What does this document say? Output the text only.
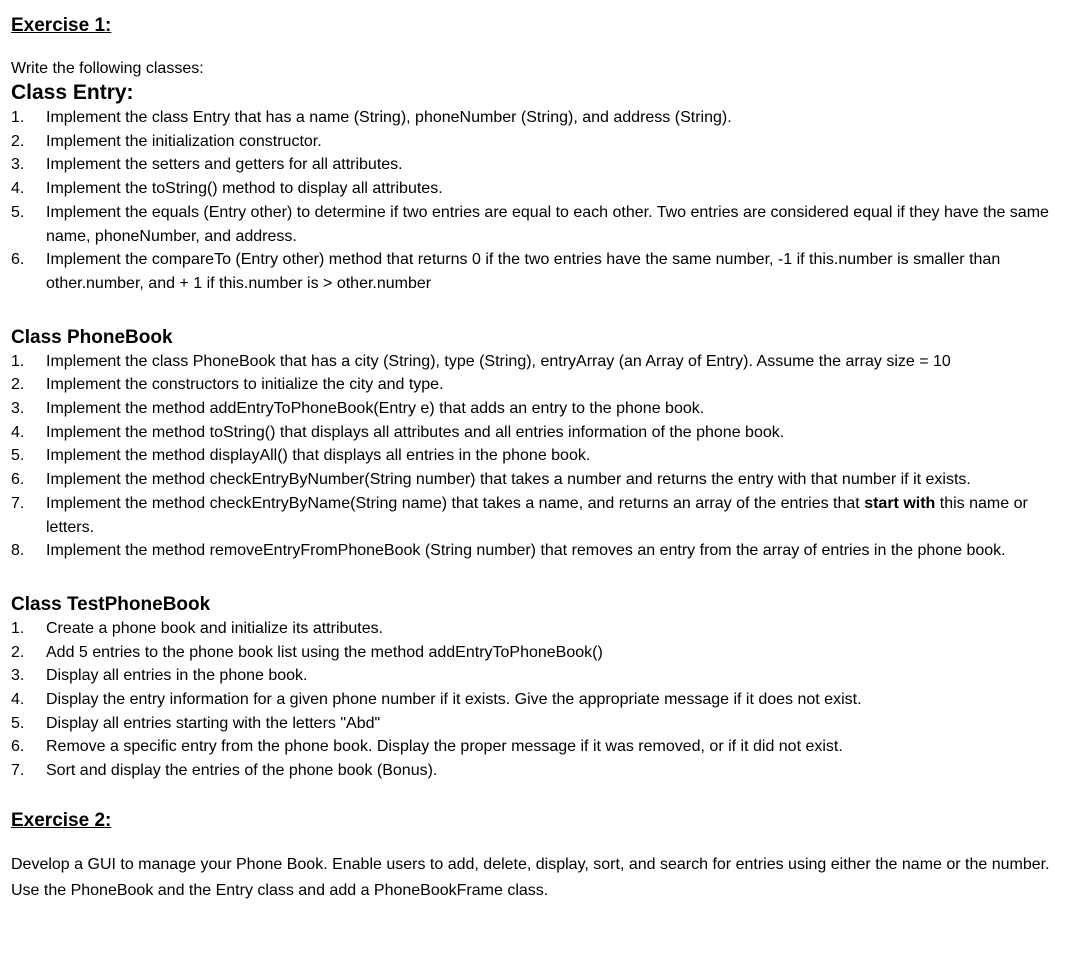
Exercise 1:
Write the following classes:
Class Entry:
1. Implement the class Entry that has a name (String), phoneNumber (String), and address (String).
2. Implement the initialization constructor.
3. Implement the setters and getters for all attributes.
4. Implement the toString() method to display all attributes.
5. Implement the equals (Entry other) to determine if two entries are equal to each other. Two entries are considered equal if they have the same name, phoneNumber, and address.
6. Implement the compareTo (Entry other) method that returns 0 if the two entries have the same number, -1 if this.number is smaller than other.number, and + 1 if this.number is > other.number
Class PhoneBook
1. Implement the class PhoneBook that has a city (String), type (String), entryArray (an Array of Entry). Assume the array size = 10
2. Implement the constructors to initialize the city and type.
3. Implement the method addEntryToPhoneBook(Entry e) that adds an entry to the phone book.
4. Implement the method toString() that displays all attributes and all entries information of the phone book.
5. Implement the method displayAll() that displays all entries in the phone book.
6. Implement the method checkEntryByNumber(String number) that takes a number and returns the entry with that number if it exists.
7. Implement the method checkEntryByName(String name) that takes a name, and returns an array of the entries that start with this name or letters.
8. Implement the method removeEntryFromPhoneBook (String number) that removes an entry from the array of entries in the phone book.
Class TestPhoneBook
1. Create a phone book and initialize its attributes.
2. Add 5 entries to the phone book list using the method addEntryToPhoneBook()
3. Display all entries in the phone book.
4. Display the entry information for a given phone number if it exists. Give the appropriate message if it does not exist.
5. Display all entries starting with the letters "Abd"
6. Remove a specific entry from the phone book. Display the proper message if it was removed, or if it did not exist.
7. Sort and display the entries of the phone book (Bonus).
Exercise 2:
Develop a GUI to manage your Phone Book. Enable users to add, delete, display, sort, and search for entries using either the name or the number. Use the PhoneBook and the Entry class and add a PhoneBookFrame class.
